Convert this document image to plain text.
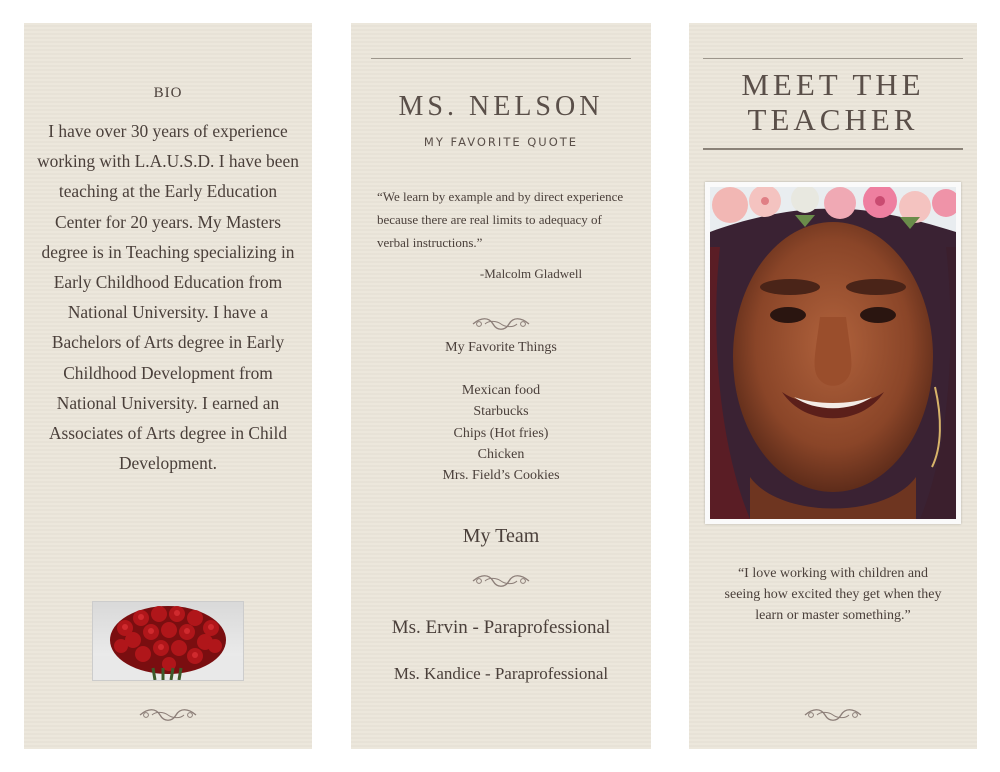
BIO
I have over 30 years of experience working with L.A.U.S.D. I have been teaching at the Early Education Center for 20 years. My Masters degree is in Teaching specializing in Early Childhood Education from National University. I have a Bachelors of Arts degree in Early Childhood Development from National University. I earned an Associates of Arts degree in Child Development.
MS. NELSON
MY FAVORITE QUOTE
“We learn by example and by direct experience because there are real limits to adequacy of verbal instructions.”
-Malcolm Gladwell
My Favorite Things
Mexican food
Starbucks
Chips (Hot fries)
Chicken
Mrs. Field’s Cookies
My Team
Ms. Ervin - Paraprofessional
Ms. Kandice - Paraprofessional
MEET THE TEACHER
“I love working with children and seeing how excited they get when they learn or master something.”
